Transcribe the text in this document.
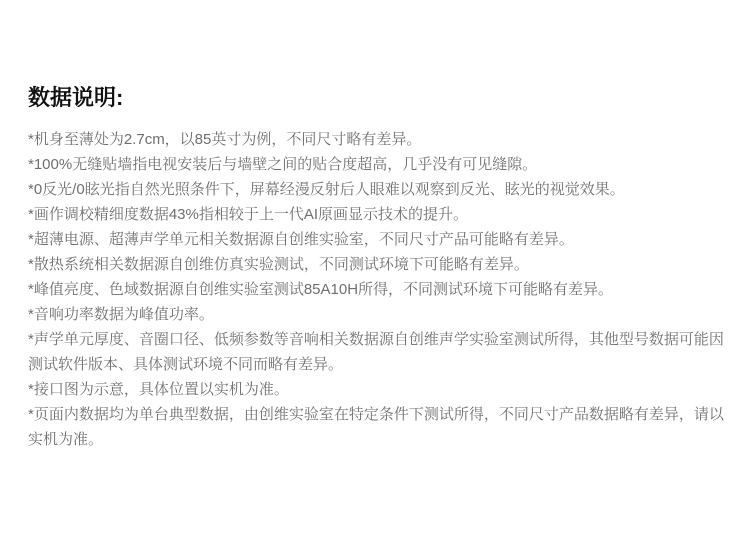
数据说明:

*机身至薄处为2.7cm，以85英寸为例，不同尺寸略有差异。

*100%无缝贴墙指电视安装后与墙壁之间的贴合度超高，几乎没有可见缝隙。

*0反光/0眩光指自然光照条件下，屏幕经漫反射后人眼难以观察到反光、眩光的视觉效果。

*画作调校精细度数据43%指相较于上一代AI原画显示技术的提升。

*超薄电源、超薄声学单元相关数据源自创维实验室，不同尺寸产品可能略有差异。

*散热系统相关数据源自创维仿真实验测试，不同测试环境下可能略有差异。

*峰值亮度、色域数据源自创维实验室测试85A10H所得，不同测试环境下可能略有差异。

*音响功率数据为峰值功率。

*声学单元厚度、音圈口径、低频参数等音响相关数据源自创维声学实验室测试所得，其他型号数据可能因测试软件版本、具体测试环境不同而略有差异。

*接口图为示意，具体位置以实机为准。

*页面内数据均为单台典型数据，由创维实验室在特定条件下测试所得，不同尺寸产品数据略有差异，请以实机为准。
